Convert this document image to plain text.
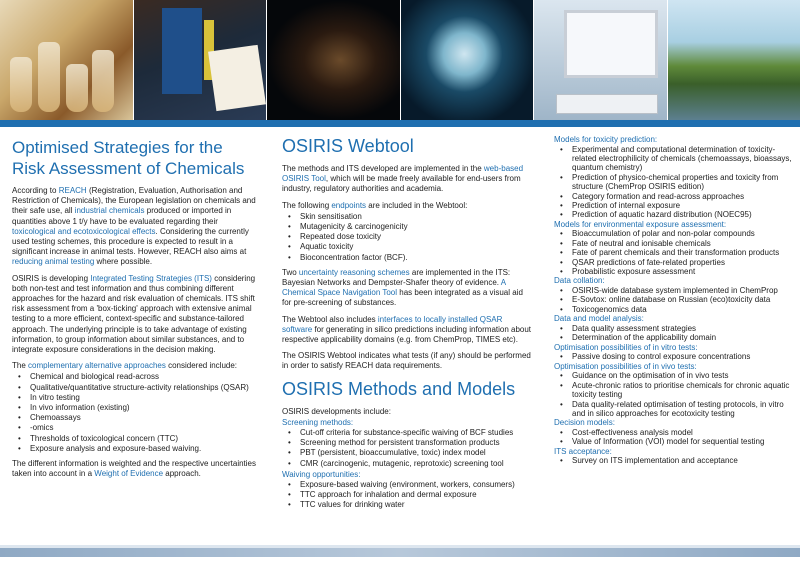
Optimised Strategies for the Risk Assessment of Chemicals

According to REACH (Registration, Evaluation, Authorisation and Restriction of Chemicals), the European legislation on chemicals and their safe use, all industrial chemicals produced or imported in quantities above 1 t/y have to be evaluated regarding their toxicological and ecotoxicological effects. Considering the currently used testing schemes, this procedure is expected to result in a significant increase in animal tests. However, REACH also aims at reducing animal testing where possible.

OSIRIS is developing Integrated Testing Strategies (ITS) considering both non-test and test information and thus combining different approaches for the hazard and risk evaluation of chemicals. ITS shift risk assessment from a 'box-ticking' approach with extensive animal testing to a more efficient, context-specific and substance-tailored approach. The underlying principle is to take advantage of existing information, to group information about similar substances, and to integrate exposure considerations in the decision making.

The complementary alternative approaches considered include:

• Chemical and biological read-across
• Qualitative/quantitative structure-activity relationships (QSAR)
• In vitro testing
• In vivo information (existing)
• Chemoassays
• -omics
• Thresholds of toxicological concern (TTC)
• Exposure analysis and exposure-based waiving.

The different information is weighted and the respective uncertainties taken into account in a Weight of Evidence approach.

OSIRIS Webtool

The methods and ITS developed are implemented in the web-based OSIRIS Tool, which will be made freely available for end-users from industry, regulatory authorities and academia.

The following endpoints are included in the Webtool:

• Skin sensitisation
• Mutagenicity & carcinogenicity
• Repeated dose toxicity
• Aquatic toxicity
• Bioconcentration factor (BCF).

Two uncertainty reasoning schemes are implemented in the ITS: Bayesian Networks and Dempster-Shafer theory of evidence. A Chemical Space Navigation Tool has been integrated as a visual aid for pre-screening of substances.

The Webtool also includes interfaces to locally installed QSAR software for generating in silico predictions including information about respective applicability domains (e.g. from ChemProp, TIMES etc).

The OSIRIS Webtool indicates what tests (if any) should be performed in order to satisfy REACH data requirements.

OSIRIS Methods and Models

OSIRIS developments include:

Screening methods:
• Cut-off criteria for substance-specific waiving of BCF studies
• Screening method for persistent transformation products
• PBT (persistent, bioaccumulative, toxic) index model
• CMR (carcinogenic, mutagenic, reprotoxic) screening tool
Waiving opportunities:
• Exposure-based waiving (environment, workers, consumers)
• TTC approach for inhalation and dermal exposure
• TTC values for drinking water
Models for toxicity prediction:
• Experimental and computational determination of toxicity-related electrophilicity of chemicals (chemoassays, bioassays, quantum chemistry)
• Prediction of physico-chemical properties and toxicity from structure (ChemProp OSIRIS edition)
• Category formation and read-across approaches
• Prediction of internal exposure
• Prediction of aquatic hazard distribution (NOEC95)
Models for environmental exposure assessment:
• Bioaccumulation of polar and non-polar compounds
• Fate of neutral and ionisable chemicals
• Fate of parent chemicals and their transformation products
• QSAR predictions of fate-related properties
• Probabilistic exposure assessment
Data collation:
• OSIRIS-wide database system implemented in ChemProp
• E-Sovtox: online database on Russian (eco)toxicity data
• Toxicogenomics data
Data and model analysis:
• Data quality assessment strategies
• Determination of the applicability domain
Optimisation possibilities of in vitro tests:
• Passive dosing to control exposure concentrations
Optimisation possibilities of in vivo tests:
• Guidance on the optimisation of in vivo tests
• Acute-chronic ratios to prioritise chemicals for chronic aquatic toxicity testing
• Data quality-related optimisation of testing protocols, in vitro and in silico approaches for ecotoxicity testing
Decision models:
• Cost-effectiveness analysis model
• Value of Information (VOI) model for sequential testing
ITS acceptance:
• Survey on ITS implementation and acceptance
